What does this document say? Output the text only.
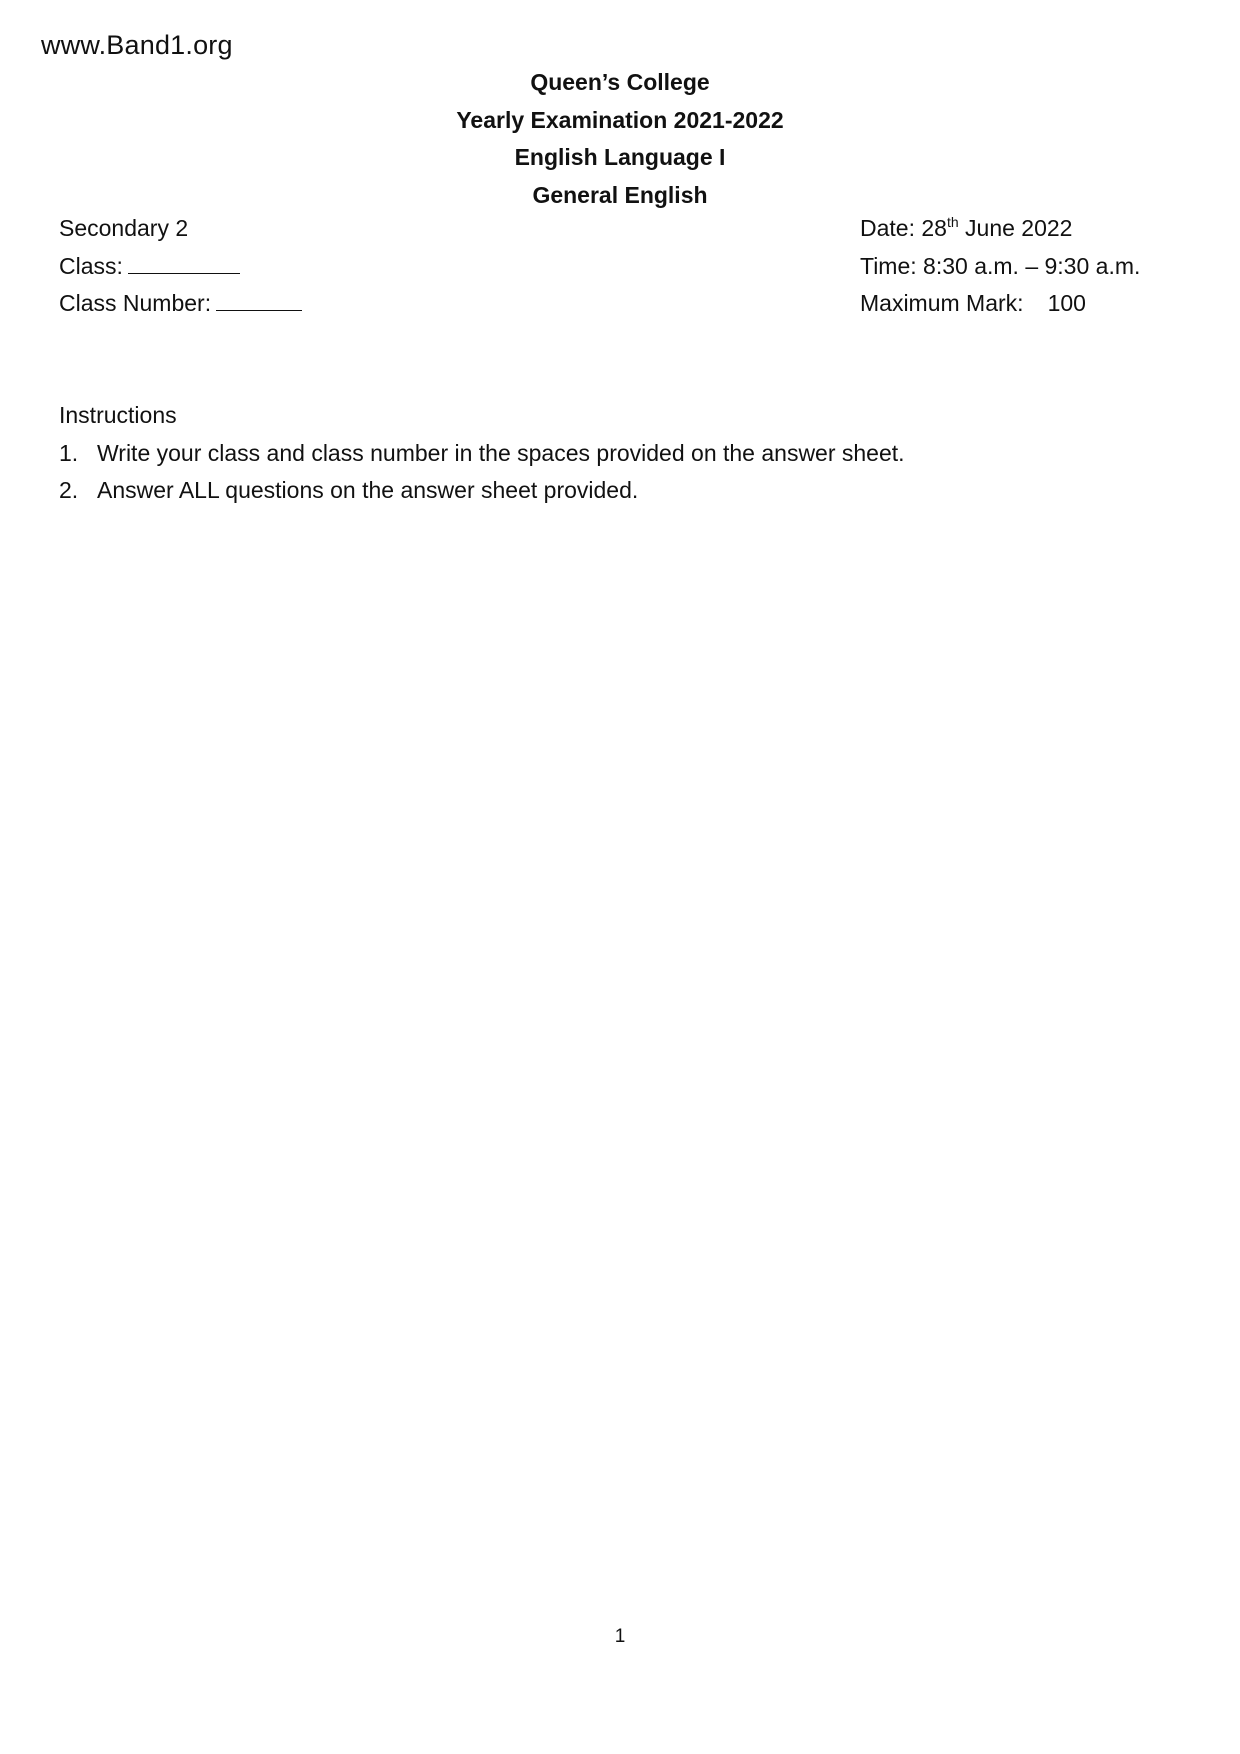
www.Band1.org
Queen’s College
Yearly Examination 2021-2022
English Language I
General English
Secondary 2
Class:
Class Number:
Date: 28th June 2022
Time: 8:30 a.m. – 9:30 a.m.
Maximum Mark: 100
Instructions
1. Write your class and class number in the spaces provided on the answer sheet.
2. Answer ALL questions on the answer sheet provided.
1
